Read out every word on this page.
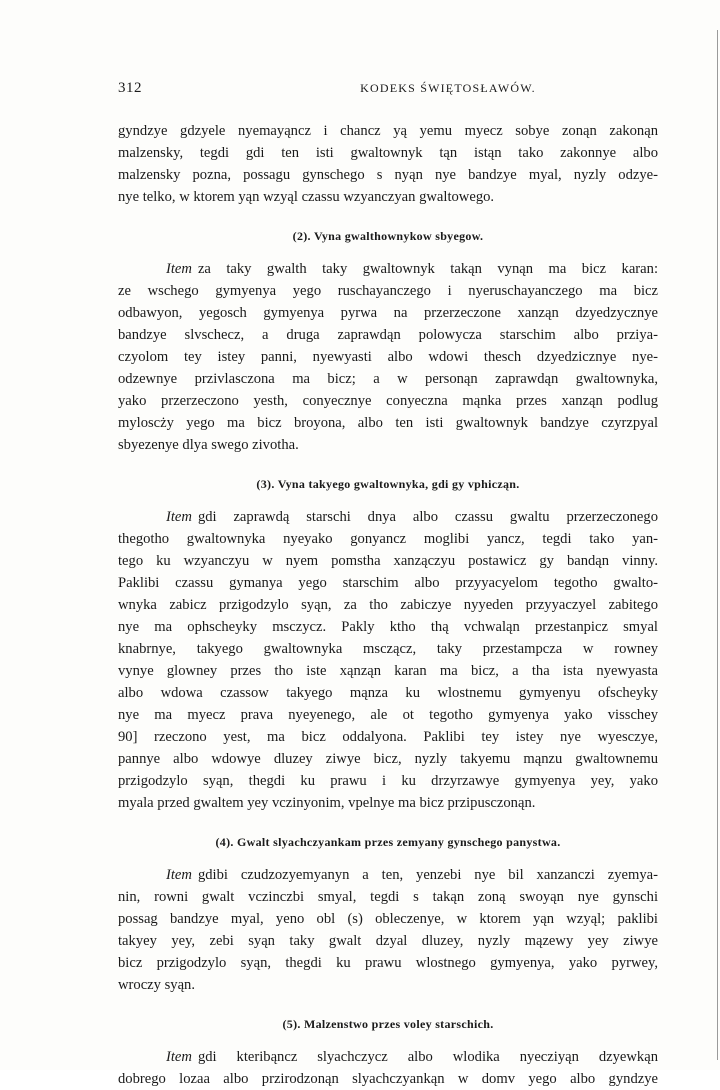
312	KODEKS ŚWIĘTOSŁAWÓW.
gyndzye gdzyele nyemayąncz i chancz yą yemu myecz sobye zonąn zakonąn
malzensky, tegdi gdi ten isti gwaltownyk tąn istąn tako zakonnye albo
malzensky pozna, possagu gynschego s nyąn nye bandzye myal, nyzly odzye-
nye telko, w ktorem yąn wzyąl czassu wzyanczyan gwaltowego.
(2). Vyna gwalthownykow sbyegow.
Item za taky gwalth taky gwaltownyk takąn vynąn ma bicz karan:
ze wschego gymyenya yego ruschayanczego i nyeruschayanczego ma bicz
odbawyon, yegosch gymyenya pyrwa na przerzeczone xanząn dzyedzycznye
bandzye slvschecz, a druga zaprawdąn polowycza starschim albo prziya-
czyolom tey istey panni, nyewyasti albo wdowi thesch dzyedzicznye nye-
odzewnye przivlasczona ma bicz; a w personąn zaprawdąn gwaltownyka,
yako przerzeczono yesth, conyecznye conyeczna mąnka przes xanząn podlug
myloscży yego ma bicz broyona, albo ten isti gwaltownyk bandzye czyrzpyal
sbyezenye dlya swego zivotha.
(3). Vyna takyego gwaltownyka, gdi gy vphicząn.
Item gdi zaprawdą starschi dnya albo czassu gwaltu przerzeczonego
thegotho gwaltownyka nyeyako gonyancz moglibi yancz, tegdi tako yan-
tego ku wzyanczyu w nyem pomstha xanzączyu postawicz gy bandąn vinny.
Paklibi czassu gymanya yego starschim albo przyyacyelom tegotho gwalto-
wnyka zabicz przigodzylo syąn, za tho zabiczye nyyeden przyyaczyel zabitego
nye ma ophscheyky msczycz. Pakly ktho thą vchwaląn przestanpicz smyal
knabrnye, takyego gwaltownyka msczącz, taky przestampcza w rowney
vynye glowney przes tho iste xąnząn karan ma bicz, a tha ista nyewyasta
albo wdowa czassow takyego mąnza ku wlostnemu gymyenyu ofscheyky
nye ma myecz prava nyeyenego, ale ot tegotho gymyenya yako visschey
90] rzeczono yest, ma bicz oddalyona. Paklibi tey istey nye wyesczye,
pannye albo wdowye dluzey ziwye bicz, nyzly takyemu mąnzu gwaltownemu
przigodzylo syąn, thegdi ku prawu i ku drzyrzawye gymyenya yey, yako
myala przed gwaltem yey vczinyonim, vpelnye ma bicz przipusczonąn.
(4). Gwalt slyachczyankam przes zemyany gynschego panystwa.
Item gdibi czudzozyemyanyn a ten, yenzebi nye bil xanzanczi zyemya-
nin, rowni gwalt vczinczbi smyal, tegdi s takąn zoną swoyąn nye gynschi
possag bandzye myal, yeno obl (s) obleczenye, w ktorem yąn wzyąl; paklibi
takyey yey, zebi syąn taky gwalt dzyal dluzey, nyzly mązewy yey ziwye
bicz przigodzylo syąn, thegdi ku prawu wlostnego gymyenya, yako pyrwey,
wroczy syąn.
(5). Malzenstwo przes voley starschich.
Item gdi kteribąncz slyachczycz albo wlodika nyecziyąn dzyewkąn
dobrego lozaa albo przirodzonąn slyachczyankąn w domv yego albo gyndzye
